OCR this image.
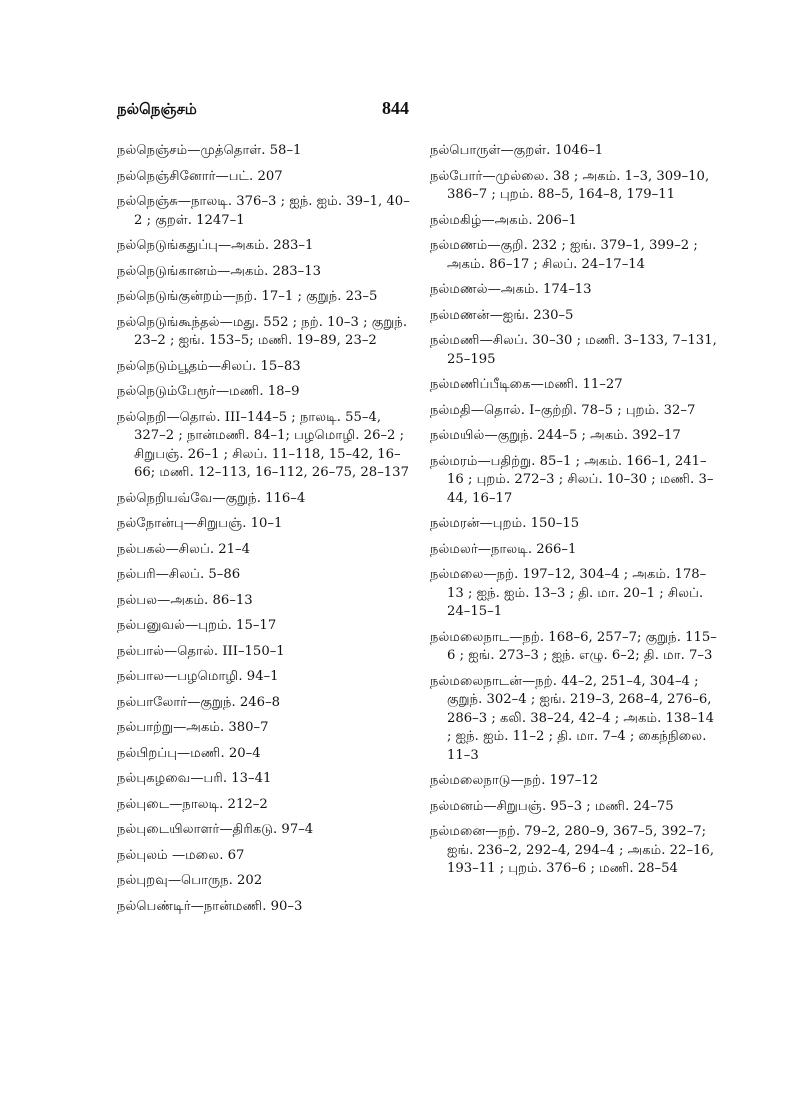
நல்நெஞ்சம்	844
நல்நெஞ்சம்—முத்தொள். 58–1
நல்நெஞ்சினோர்—பட். 207
நல்நெஞ்சு—நாலடி. 376–3 ; ஐந். ஐம். 39–1, 40–2 ; குறள். 1247–1
நல்நெடுங்கதுப்பு—அகம். 283–1
நல்நெடுங்கானம்—அகம். 283–13
நல்நெடுங்குன்றம்—நற். 17–1 ; குறுந். 23–5
நல்நெடுங்கூந்தல்—மது. 552 ; நற். 10–3 ; குறுந். 23–2 ; ஐங். 153–5; மணி. 19–89, 23–2
நல்நெடும்பூதம்—சிலப். 15–83
நல்நெடும்பேரூர்—மணி. 18–9
நல்நெறி—தொல். III–144–5 ; நாலடி. 55–4, 327–2 ; நான்மணி. 84–1; பழமொழி. 26–2 ; சிறுபஞ். 26–1 ; சிலப். 11–118, 15–42, 16–66; மணி. 12–113, 16–112, 26–75, 28–137
நல்நெறியவ்வே—குறுந். 116–4
நல்நோன்பு—சிறுபஞ். 10–1
நல்பகல்—சிலப். 21–4
நல்பரி—சிலப். 5–86
நல்பல—அகம். 86–13
நல்பனுவல்—புறம். 15–17
நல்பால்—தொல். III–150–1
நல்பால—பழமொழி. 94–1
நல்பாலோர்—குறுந். 246–8
நல்பாற்று—அகம். 380–7
நல்பிறப்பு—மணி. 20–4
நல்புகழவை—பரி. 13–41
நல்புடை—நாலடி. 212–2
நல்புடையிலாளர்—திரிகடு. 97–4
நல்புலம் —மலை. 67
நல்புறவு—பொருந. 202
நல்பெண்டிர்—நான்மணி. 90–3
நல்பொருள்—குறள். 1046–1
நல்போர்—முல்லை. 38 ; அகம். 1–3, 309–10, 386–7 ; புறம். 88–5, 164–8, 179–11
நல்மகிழ்—அகம். 206–1
நல்மணம்—குறி. 232 ; ஐங். 379–1, 399–2 ; அகம். 86–17 ; சிலப். 24–17–14
நல்மணல்—அகம். 174–13
நல்மணன்—ஐங். 230–5
நல்மணி—சிலப். 30–30 ; மணி. 3–133, 7–131, 25–195
நல்மணிப்பீடிகை—மணி. 11–27
நல்மதி—தொல். I–குற்றி. 78–5 ; புறம். 32–7
நல்மயில்—குறுந். 244–5 ; அகம். 392–17
நல்மரம்—பதிற்று. 85–1 ; அகம். 166–1, 241–16 ; புறம். 272–3 ; சிலப். 10–30 ; மணி. 3–44, 16–17
நல்மரன்—புறம். 150–15
நல்மலர்—நாலடி. 266–1
நல்மலை—நற். 197–12, 304–4 ; அகம். 178–13 ; ஐந். ஐம். 13–3 ; தி. மா. 20–1 ; சிலப். 24–15–1
நல்மலைநாட—நற். 168–6, 257–7; குறுந். 115–6 ; ஐங். 273–3 ; ஐந். எழு. 6–2; தி. மா. 7–3
நல்மலைநாடன்—நற். 44–2, 251–4, 304–4 ; குறுந். 302–4 ; ஐங். 219–3, 268–4, 276–6, 286–3 ; கலி. 38–24, 42–4 ; அகம். 138–14 ; ஐந். ஐம். 11–2 ; தி. மா. 7–4 ; கைந்நிலை. 11–3
நல்மலைநாடு—நற். 197–12
நல்மனம்—சிறுபஞ். 95–3 ; மணி. 24–75
நல்மனை—நற். 79–2, 280–9, 367–5, 392–7; ஐங். 236–2, 292–4, 294–4 ; அகம். 22–16, 193–11 ; புறம். 376–6 ; மணி. 28–54
